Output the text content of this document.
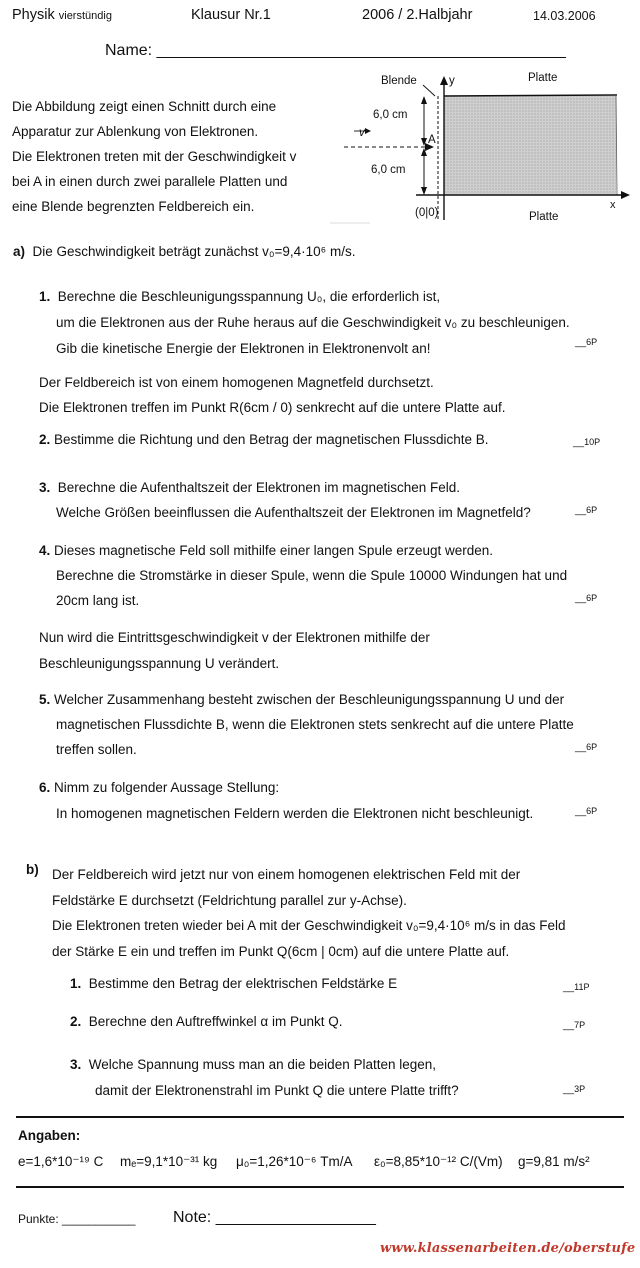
Physik vierstündig	Klausur Nr.1	2006 / 2.Halbjahr	14.03.2006
Name: ______________________________________________
Die Abbildung zeigt einen Schnitt durch eine
Apparatur zur Ablenkung von Elektronen.
Die Elektronen treten mit der Geschwindigkeit v
bei A in einen durch zwei parallele Platten und
eine Blende begrenzten Feldbereich ein.
Blende	y	Platte
6,0 cm
A
v
6,0 cm
(0|0)	Platte
x
a) Die Geschwindigkeit beträgt zunächst v₀=9,4·10⁶ m/s.
1. Berechne die Beschleunigungsspannung U₀, die erforderlich ist,
um die Elektronen aus der Ruhe heraus auf die Geschwindigkeit v₀ zu beschleunigen.
Gib die kinetische Energie der Elektronen in Elektronenvolt an!	__6P
Der Feldbereich ist von einem homogenen Magnetfeld durchsetzt.
Die Elektronen treffen im Punkt R(6cm / 0) senkrecht auf die untere Platte auf.
2. Bestimme die Richtung und den Betrag der magnetischen Flussdichte B.	__10P
3. Berechne die Aufenthaltszeit der Elektronen im magnetischen Feld.
Welche Größen beeinflussen die Aufenthaltszeit der Elektronen im Magnetfeld?	__6P
4. Dieses magnetische Feld soll mithilfe einer langen Spule erzeugt werden.
Berechne die Stromstärke in dieser Spule, wenn die Spule 10000 Windungen hat und
20cm lang ist.	__6P
Nun wird die Eintrittsgeschwindigkeit v der Elektronen mithilfe der
Beschleunigungsspannung U verändert.
5. Welcher Zusammenhang besteht zwischen der Beschleunigungsspannung U und der
magnetischen Flussdichte B, wenn die Elektronen stets senkrecht auf die untere Platte
treffen sollen.	__6P
6. Nimm zu folgender Aussage Stellung:
In homogenen magnetischen Feldern werden die Elektronen nicht beschleunigt.	__6P
b) Der Feldbereich wird jetzt nur von einem homogenen elektrischen Feld mit der
Feldstärke E durchsetzt (Feldrichtung parallel zur y-Achse).
Die Elektronen treten wieder bei A mit der Geschwindigkeit v₀=9,4·10⁶ m/s in das Feld
der Stärke E ein und treffen im Punkt Q(6cm | 0cm) auf die untere Platte auf.
1. Bestimme den Betrag der elektrischen Feldstärke E	__11P
2. Berechne den Auftreffwinkel α im Punkt Q.	__7P
3. Welche Spannung muss man an die beiden Platten legen,
damit der Elektronenstrahl im Punkt Q die untere Platte trifft?	__3P
Angaben:
e=1,6*10⁻¹⁹ C mₑ=9,1*10⁻³¹ kg μ₀=1,26*10⁻⁶ Tm/A ε₀=8,85*10⁻¹² C/(Vm) g=9,81 m/s²
Punkte: ___________ Note: __________________
www.klassenarbeiten.de/oberstufe
